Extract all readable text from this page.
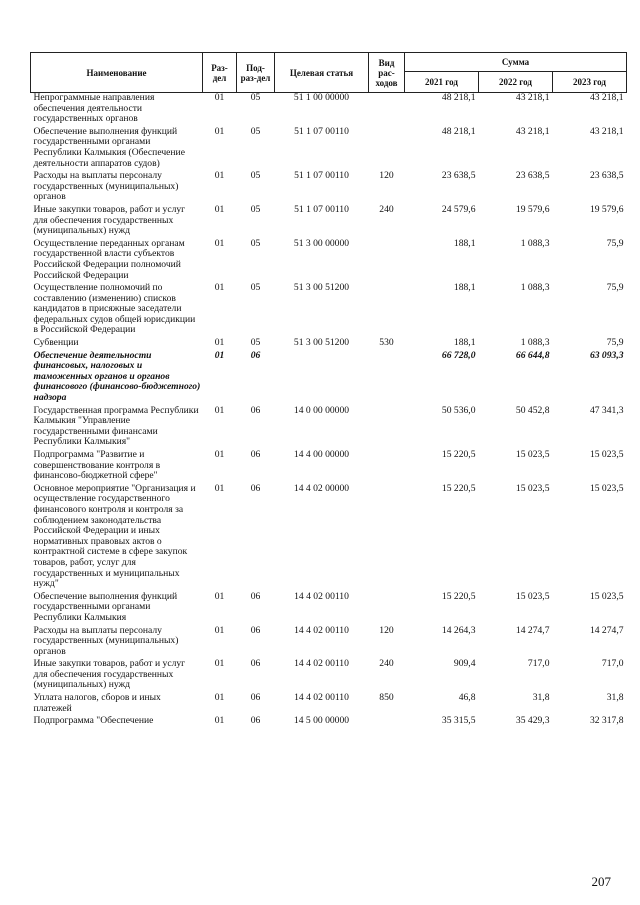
Наименование	Раз-дел	Под-раз-дел	Целевая статья	Вид рас-ходов	Сумма		
					2021 год	2022 год	2023 год
Непрограммные направления обеспечения деятельности государственных органов	01	05	51 1 00 00000		48 218,1	43 218,1	43 218,1
Обеспечение выполнения функций государственными органами Республики Калмыкия (Обеспечение деятельности аппаратов судов)	01	05	51 1 07 00110		48 218,1	43 218,1	43 218,1
Расходы на выплаты персоналу государственных (муниципальных) органов	01	05	51 1 07 00110	120	23 638,5	23 638,5	23 638,5
Иные закупки товаров, работ и услуг для обеспечения государственных (муниципальных) нужд	01	05	51 1 07 00110	240	24 579,6	19 579,6	19 579,6
Осуществление переданных органам государственной власти субъектов Российской Федерации полномочий Российской Федерации	01	05	51 3 00 00000		188,1	1 088,3	75,9
Осуществление полномочий по составлению (изменению) списков кандидатов в присяжные заседатели федеральных судов общей юрисдикции в Российской Федерации	01	05	51 3 00 51200		188,1	1 088,3	75,9
Субвенции	01	05	51 3 00 51200	530	188,1	1 088,3	75,9
Обеспечение деятельности финансовых, налоговых и таможенных органов и органов финансового (финансово-бюджетного) надзора	01	06			66 728,0	66 644,8	63 093,3
Государственная программа Республики Калмыкия "Управление государственными финансами Республики Калмыкия"	01	06	14 0 00 00000		50 536,0	50 452,8	47 341,3
Подпрограмма "Развитие и совершенствование контроля в финансово-бюджетной сфере"	01	06	14 4 00 00000		15 220,5	15 023,5	15 023,5
Основное мероприятие "Организация и осуществление государственного финансового контроля и контроля за соблюдением законодательства Российской Федерации и иных нормативных правовых актов о контрактной системе в сфере закупок товаров, работ, услуг для государственных и муниципальных нужд"	01	06	14 4 02 00000		15 220,5	15 023,5	15 023,5
Обеспечение выполнения функций государственными органами Республики Калмыкия	01	06	14 4 02 00110		15 220,5	15 023,5	15 023,5
Расходы на выплаты персоналу государственных (муниципальных) органов	01	06	14 4 02 00110	120	14 264,3	14 274,7	14 274,7
Иные закупки товаров, работ и услуг для обеспечения государственных (муниципальных) нужд	01	06	14 4 02 00110	240	909,4	717,0	717,0
Уплата налогов, сборов и иных платежей	01	06	14 4 02 00110	850	46,8	31,8	31,8
Подпрограмма "Обеспечение	01	06	14 5 00 00000		35 315,5	35 429,3	32 317,8
207
